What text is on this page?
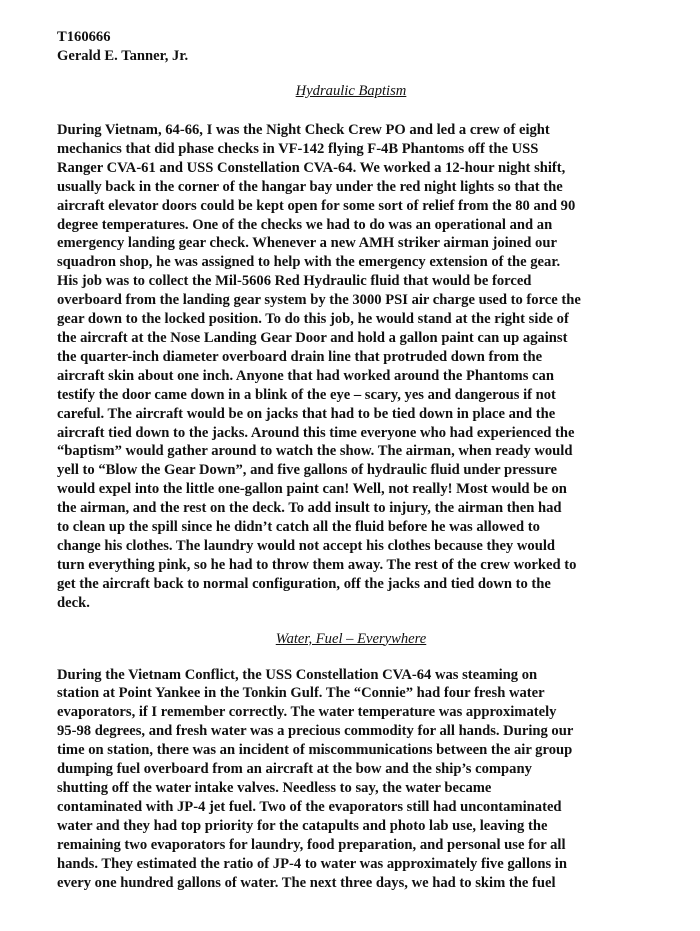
T160666
Gerald E. Tanner, Jr.
Hydraulic Baptism

During Vietnam, 64-66, I was the Night Check Crew PO and led a crew of eight
mechanics that did phase checks in VF-142 flying F-4B Phantoms off the USS
Ranger CVA-61 and USS Constellation CVA-64. We worked a 12-hour night shift,
usually back in the corner of the hangar bay under the red night lights so that the
aircraft elevator doors could be kept open for some sort of relief from the 80 and 90
degree temperatures. One of the checks we had to do was an operational and an
emergency landing gear check. Whenever a new AMH striker airman joined our
squadron shop, he was assigned to help with the emergency extension of the gear.
His job was to collect the Mil-5606 Red Hydraulic fluid that would be forced
overboard from the landing gear system by the 3000 PSI air charge used to force the
gear down to the locked position. To do this job, he would stand at the right side of
the aircraft at the Nose Landing Gear Door and hold a gallon paint can up against
the quarter-inch diameter overboard drain line that protruded down from the
aircraft skin about one inch. Anyone that had worked around the Phantoms can
testify the door came down in a blink of the eye – scary, yes and dangerous if not
careful. The aircraft would be on jacks that had to be tied down in place and the
aircraft tied down to the jacks. Around this time everyone who had experienced the
“baptism” would gather around to watch the show. The airman, when ready would
yell to “Blow the Gear Down”, and five gallons of hydraulic fluid under pressure
would expel into the little one-gallon paint can! Well, not really! Most would be on
the airman, and the rest on the deck. To add insult to injury, the airman then had
to clean up the spill since he didn’t catch all the fluid before he was allowed to
change his clothes. The laundry would not accept his clothes because they would
turn everything pink, so he had to throw them away. The rest of the crew worked to
get the aircraft back to normal configuration, off the jacks and tied down to the
deck.

Water, Fuel – Everywhere

During the Vietnam Conflict, the USS Constellation CVA-64 was steaming on
station at Point Yankee in the Tonkin Gulf. The “Connie” had four fresh water
evaporators, if I remember correctly. The water temperature was approximately
95-98 degrees, and fresh water was a precious commodity for all hands. During our
time on station, there was an incident of miscommunications between the air group
dumping fuel overboard from an aircraft at the bow and the ship’s company
shutting off the water intake valves. Needless to say, the water became
contaminated with JP-4 jet fuel. Two of the evaporators still had uncontaminated
water and they had top priority for the catapults and photo lab use, leaving the
remaining two evaporators for laundry, food preparation, and personal use for all
hands. They estimated the ratio of JP-4 to water was approximately five gallons in
every one hundred gallons of water. The next three days, we had to skim the fuel
